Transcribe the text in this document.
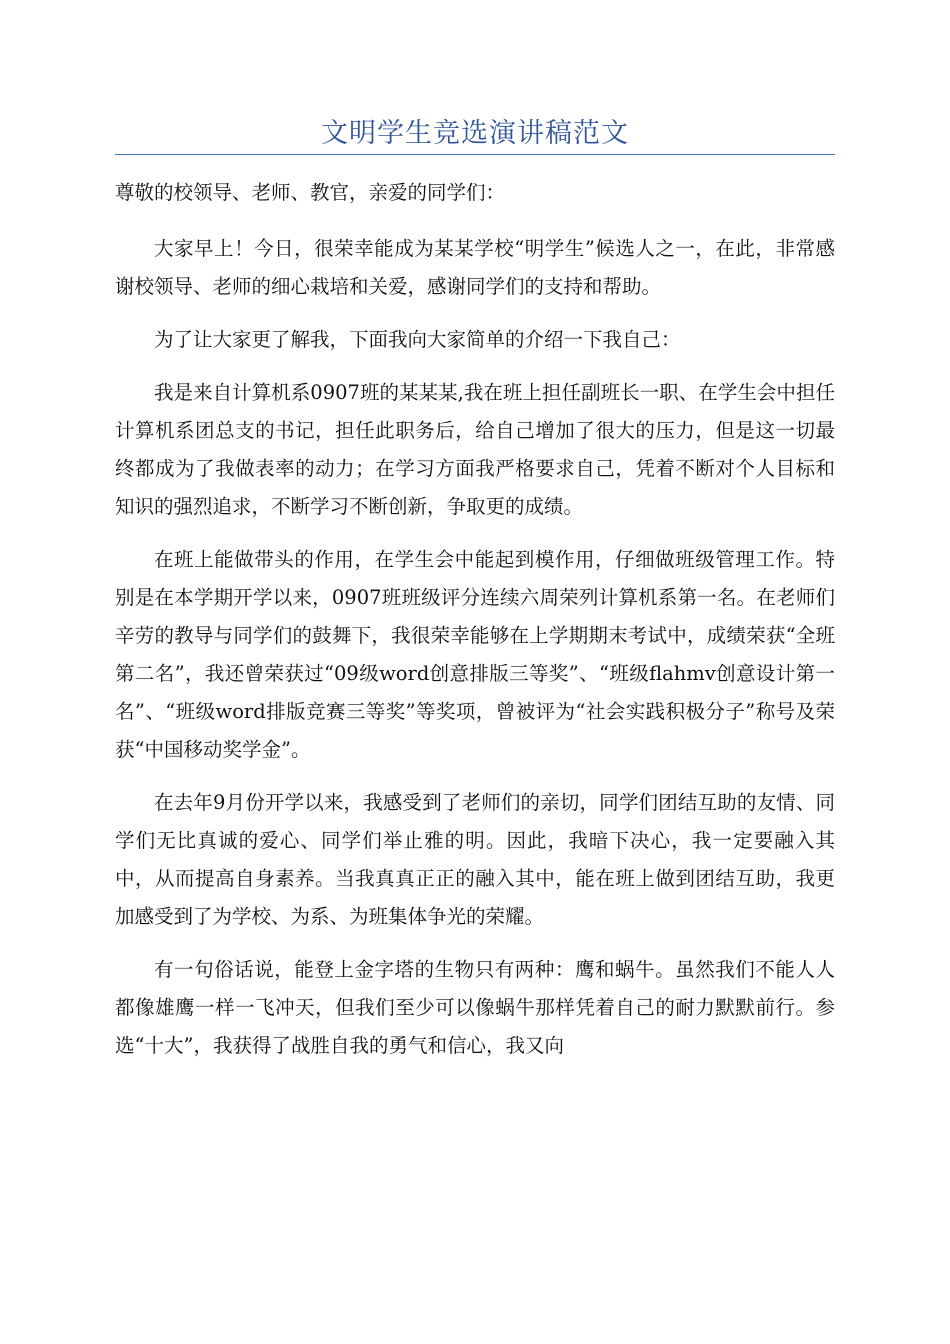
文明学生竞选演讲稿范文

尊敬的校领导、老师、教官，亲爱的同学们：

大家早上！今日，很荣幸能成为某某学校“明学生”候选人之一，在此，非常感谢校领导、老师的细心栽培和关爱，感谢同学们的支持和帮助。

为了让大家更了解我，下面我向大家简单的介绍一下我自己：

我是来自计算机系0907班的某某某,我在班上担任副班长一职、在学生会中担任计算机系团总支的书记，担任此职务后，给自己增加了很大的压力，但是这一切最终都成为了我做表率的动力；在学习方面我严格要求自己，凭着不断对个人目标和知识的强烈追求，不断学习不断创新，争取更的成绩。

在班上能做带头的作用，在学生会中能起到模作用，仔细做班级管理工作。特别是在本学期开学以来，0907班班级评分连续六周荣列计算机系第一名。在老师们辛劳的教导与同学们的鼓舞下，我很荣幸能够在上学期期末考试中，成绩荣获“全班第二名”，我还曾荣获过“09级word创意排版三等奖”、“班级flahmv创意设计第一名”、“班级word排版竞赛三等奖”等奖项，曾被评为“社会实践积极分子”称号及荣获“中国移动奖学金”。

在去年9月份开学以来，我感受到了老师们的亲切，同学们团结互助的友情、同学们无比真诚的爱心、同学们举止雅的明。因此，我暗下决心，我一定要融入其中，从而提高自身素养。当我真真正正的融入其中，能在班上做到团结互助，我更加感受到了为学校、为系、为班集体争光的荣耀。

有一句俗话说，能登上金字塔的生物只有两种：鹰和蜗牛。虽然我们不能人人都像雄鹰一样一飞冲天，但我们至少可以像蜗牛那样凭着自己的耐力默默前行。参选“十大”，我获得了战胜自我的勇气和信心，我又向
